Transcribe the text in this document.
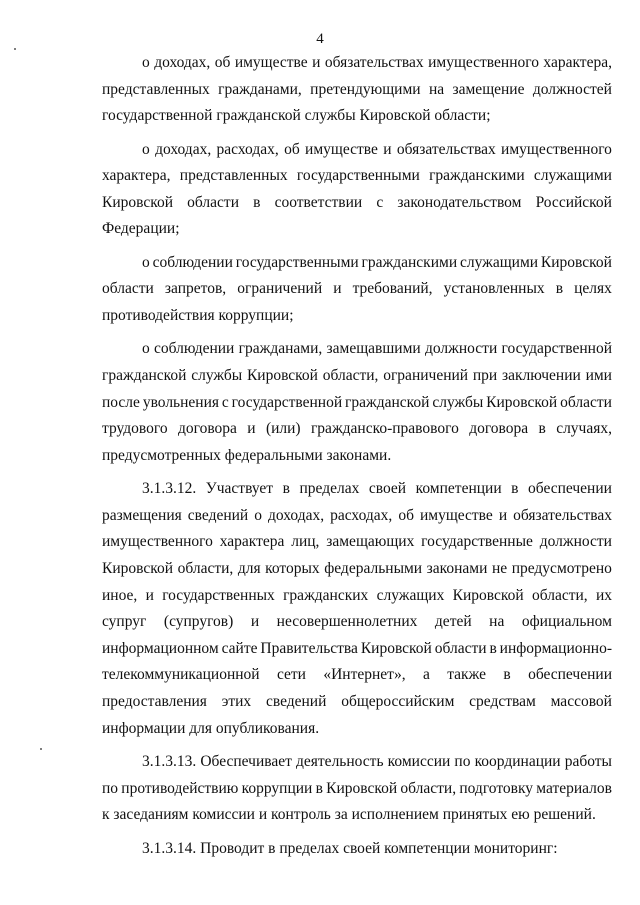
4
о доходах, об имуществе и обязательствах имущественного характера,
представленных гражданами, претендующими на замещение должностей
государственной гражданской службы Кировской области;
о доходах, расходах, об имуществе и обязательствах имущественного
характера, представленных государственными гражданскими служащими
Кировской области в соответствии с законодательством Российской
Федерации;
о соблюдении государственными гражданскими служащими Кировской
области запретов, ограничений и требований, установленных в целях
противодействия коррупции;
о соблюдении гражданами, замещавшими должности государственной
гражданской службы Кировской области, ограничений при заключении ими
после увольнения с государственной гражданской службы Кировской области
трудового договора и (или) гражданско-правового договора в случаях,
предусмотренных федеральными законами.
3.1.3.12. Участвует в пределах своей компетенции в обеспечении
размещения сведений о доходах, расходах, об имуществе и обязательствах
имущественного характера лиц, замещающих государственные должности
Кировской области, для которых федеральными законами не предусмотрено
иное, и государственных гражданских служащих Кировской области, их
супруг (супругов) и несовершеннолетних детей на официальном
информационном сайте Правительства Кировской области в информационно-
телекоммуникационной сети «Интернет», а также в обеспечении
предоставления этих сведений общероссийским средствам массовой
информации для опубликования.
3.1.3.13. Обеспечивает деятельность комиссии по координации работы
по противодействию коррупции в Кировской области, подготовку материалов
к заседаниям комиссии и контроль за исполнением принятых ею решений.
3.1.3.14. Проводит в пределах своей компетенции мониторинг:
